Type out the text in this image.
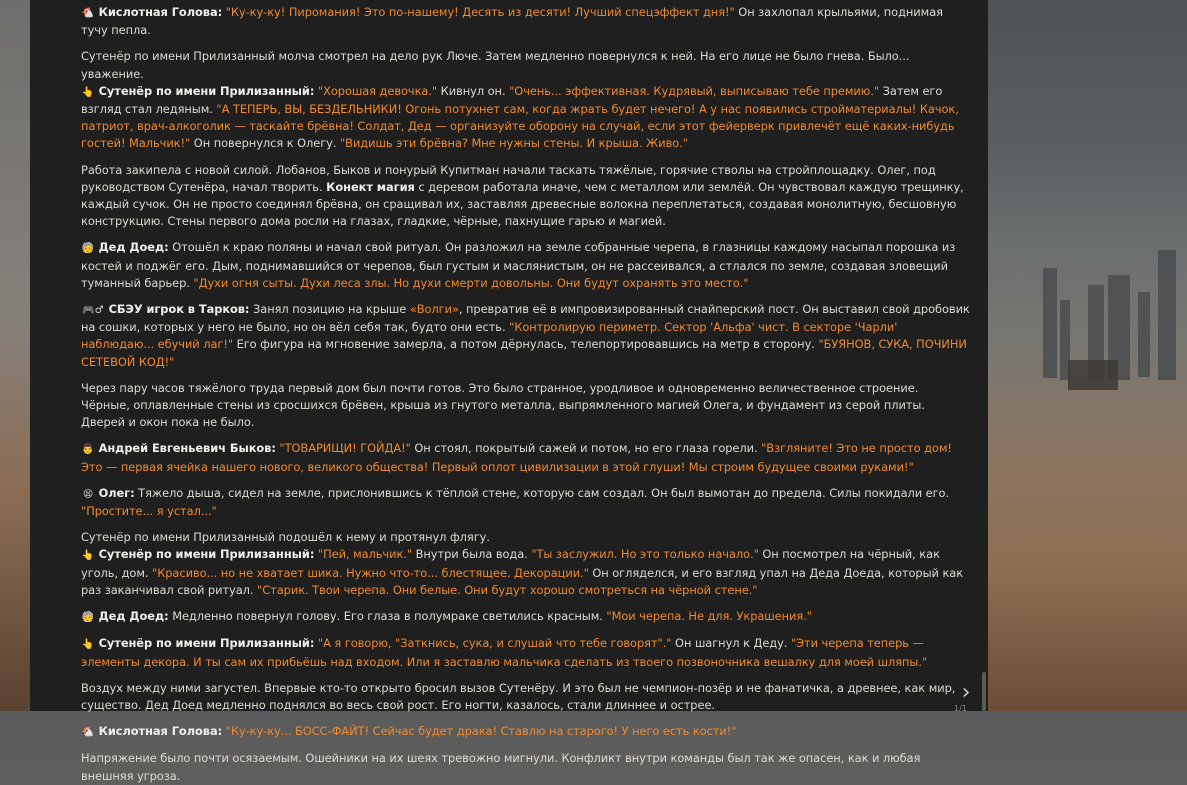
🐔 Кислотная Голова: "Ку-ку-ку! Пиромания! Это по-нашему! Десять из десяти! Лучший спецэффект дня!" Он захлопал крыльями, поднимая тучу пепла.

Сутенёр по имени Прилизанный молча смотрел на дело рук Люче. Затем медленно повернулся к ней. На его лице не было гнева. Было... уважение.

👆 Сутенёр по имени Прилизанный: "Хорошая девочка." Кивнул он. "Очень... эффективная. Кудрявый, выписываю тебе премию." Затем его взгляд стал ледяным. "А ТЕПЕРЬ, ВЫ, БЕЗДЕЛЬНИКИ! Огонь потухнет сам, когда жрать будет нечего! А у нас появились стройматериалы! Качок, патриот, врач-алкоголик — таскайте брёвна! Солдат, Дед — организуйте оборону на случай, если этот фейерверк привлечёт ещё каких-нибудь гостей! Мальчик!" Он повернулся к Олегу. "Видишь эти брёвна? Мне нужны стены. И крыша. Живо."
Работа закипела с новой силой. Лобанов, Быков и понурый Купитман начали таскать тяжёлые, горячие стволы на стройплощадку. Олег, под руководством Сутенёра, начал творить. Конект магия с деревом работала иначе, чем с металлом или землёй. Он чувствовал каждую трещинку, каждый сучок. Он не просто соединял брёвна, он сращивал их, заставляя древесные волокна переплетаться, создавая монолитную, бесшовную конструкцию. Стены первого дома росли на глазах, гладкие, чёрные, пахнущие гарью и магией.
🧓 Дед Доед: Отошёл к краю поляны и начал свой ритуал. Он разложил на земле собранные черепа, в глазницы каждому насыпал порошка из костей и поджёг его. Дым, поднимавшийся от черепов, был густым и маслянистым, он не рассеивался, а стлался по земле, создавая зловещий туманный барьер. "Духи огня сыты. Духи леса злы. Но духи смерти довольны. Они будут охранять это место."
🎮♂ СБЭУ игрок в Тарков: Занял позицию на крыше «Волги», превратив её в импровизированный снайперский пост. Он выставил свой дробовик на сошки, которых у него не было, но он вёл себя так, будто они есть. "Контролирую периметр. Сектор 'Альфа' чист. В секторе 'Чарли' наблюдаю... ебучий лаг!" Его фигура на мгновение замерла, а потом дёрнулась, телепортировавшись на метр в сторону. "БУЯНОВ, СУКА, ПОЧИНИ СЕТЕВОЙ КОД!"
Через пару часов тяжёлого труда первый дом был почти готов. Это было странное, уродливое и одновременно величественное строение. Чёрные, оплавленные стены из сросшихся брёвен, крыша из гнутого металла, выпрямленного магией Олега, и фундамент из серой плиты. Дверей и окон пока не было.
👨 Андрей Евгеньевич Быков: "ТОВАРИЩИ! ГОЙДА!" Он стоял, покрытый сажей и потом, но его глаза горели. "Взгляните! Это не просто дом! Это — первая ячейка нашего нового, великого общества! Первый оплот цивилизации в этой глуши! Мы строим будущее своими руками!"
😫 Олег: Тяжело дыша, сидел на земле, прислонившись к тёплой стене, которую сам создал. Он был вымотан до предела. Силы покидали его. "Простите... я устал..."

Сутенёр по имени Прилизанный подошёл к нему и протянул флягу.

👆 Сутенёр по имени Прилизанный: "Пей, мальчик." Внутри была вода. "Ты заслужил. Но это только начало." Он посмотрел на чёрный, как уголь, дом. "Красиво... но не хватает шика. Нужно что-то... блестящее. Декорации." Он огляделся, и его взгляд упал на Деда Доеда, который как раз заканчивал свой ритуал. "Старик. Твои черепа. Они белые. Они будут хорошо смотреться на чёрной стене."
🧓 Дед Доед: Медленно повернул голову. Его глаза в полумраке светились красным. "Мои черепа. Не для. Украшения."
👆 Сутенёр по имени Прилизанный: "А я говорю, "Заткнись, сука, и слушай что тебе говорят"." Он шагнул к Деду. "Эти черепа теперь — элементы декора. И ты сам их прибьёшь над входом. Или я заставлю мальчика сделать из твоего позвоночника вешалку для моей шляпы."
Воздух между ними загустел. Впервые кто-то открыто бросил вызов Сутенёру. И это был не чемпион-позёр и не фанатичка, а древнее, как мир, существо. Дед Доед медленно поднялся во весь свой рост. Его ногти, казалось, стали длиннее и острее.
🐔 Кислотная Голова: "Ку-ку-ку... БОСС-ФАЙТ! Сейчас будет драка! Ставлю на старого! У него есть кости!"
Напряжение было почти осязаемым. Ошейники на их шеях тревожно мигнули. Конфликт внутри команды был так же опасен, как и любая внешняя угроза.
›
1/1
